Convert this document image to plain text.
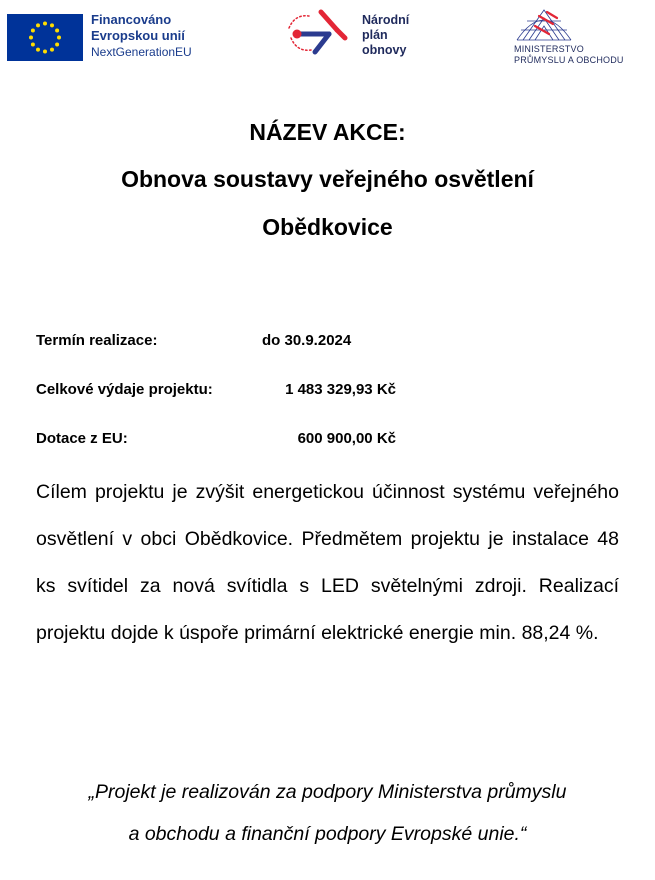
Financováno
Evropskou unií
NextGenerationEU
Národní
plán
obnovy	MINISTERSTVO
PRŮMYSLU A OBCHODU
NÁZEV AKCE:
Obnova soustavy veřejného osvětlení
Obědkovice
Termín realizace:	do 30.9.2024
Celkové výdaje projektu:	1 483 329,93 Kč
Dotace z EU:	600 900,00 Kč
Cílem projektu je zvýšit energetickou účinnost systému veřejného osvětlení v obci Obědkovice. Předmětem projektu je instalace 48 ks svítidel za nová svítidla s LED světelnými zdroji. Realizací projektu dojde k úspoře primární elektrické energie min. 88,24 %.
„Projekt je realizován za podpory Ministerstva průmyslu
a obchodu a finanční podpory Evropské unie.“
